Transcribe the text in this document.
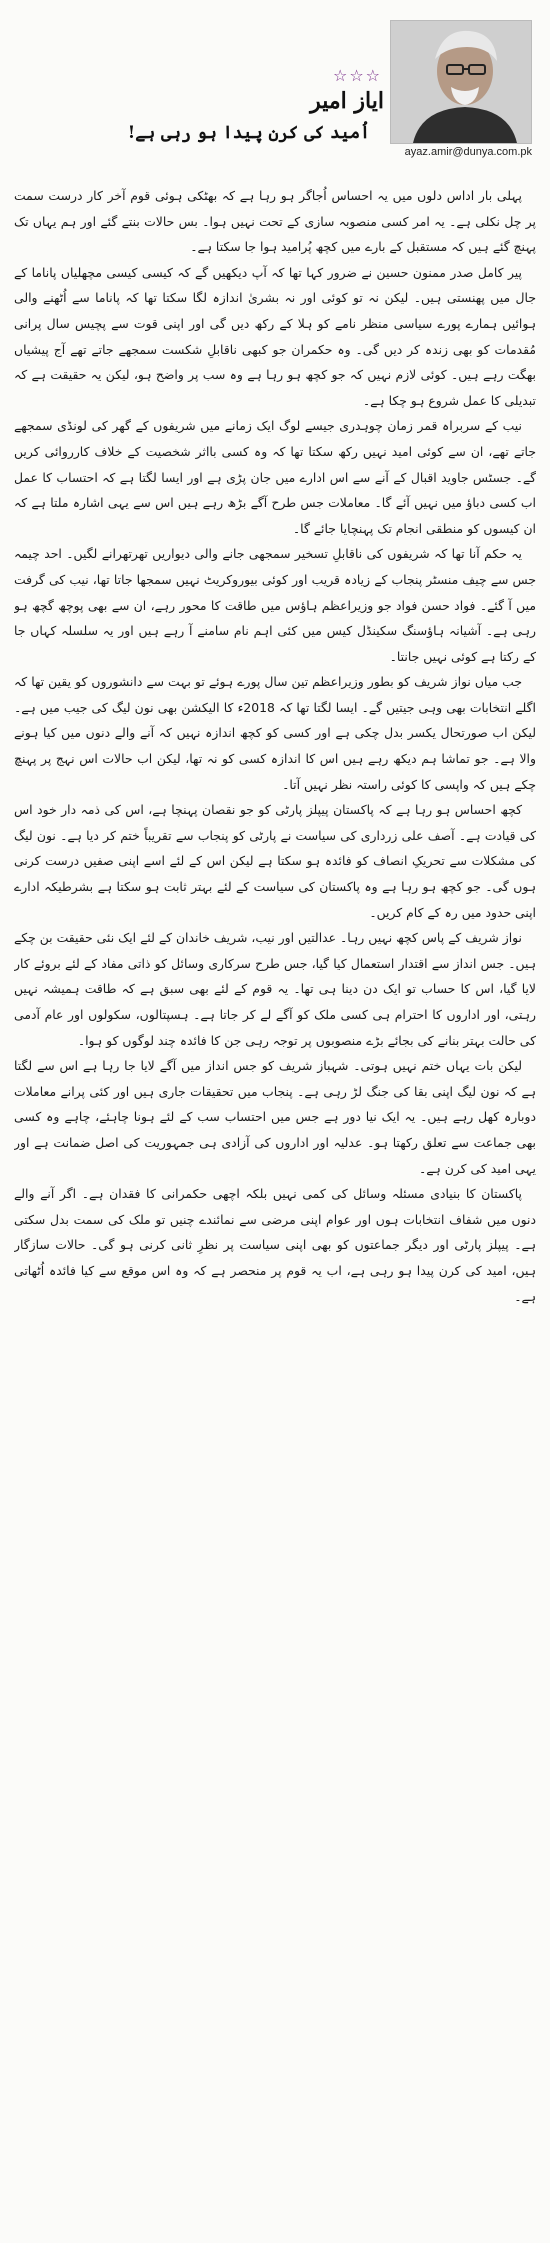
☆☆☆
ایاز امیر
اُمید کی کرن پیدا ہو رہی ہے!
ayaz.amir@dunya.com.pk

پہلی بار اداس دلوں میں یہ احساس اُجاگر ہو رہا ہے کہ بھٹکی ہوئی قوم آخر کار درست سمت پر چل نکلی ہے۔ یہ امر کسی منصوبہ سازی کے تحت نہیں ہوا۔ بس حالات بنتے گئے اور ہم یہاں تک پہنچ گئے ہیں کہ مستقبل کے بارے میں کچھ پُرامید ہوا جا سکتا ہے۔

پیر کامل صدر ممنون حسین نے ضرور کہا تھا کہ آپ دیکھیں گے کہ کیسی کیسی مچھلیاں پاناما کے جال میں پھنستی ہیں۔ لیکن نہ تو کوئی اور نہ بشریٰ اندازہ لگا سکتا تھا کہ پاناما سے اُٹھنے والی ہوائیں ہمارے پورے سیاسی منظر نامے کو ہلا کے رکھ دیں گی اور اپنی قوت سے پچیس سال پرانی مُقدمات کو بھی زندہ کر دیں گی۔ وہ حکمران جو کبھی ناقابلِ شکست سمجھے جاتے تھے آج پیشیاں بھگت رہے ہیں۔ کوئی لازم نہیں کہ جو کچھ ہو رہا ہے وہ سب پر واضح ہو، لیکن یہ حقیقت ہے کہ تبدیلی کا عمل شروع ہو چکا ہے۔

نیب کے سربراہ قمر زمان چوہدری جیسے لوگ ایک زمانے میں شریفوں کے گھر کی لونڈی سمجھے جاتے تھے، ان سے کوئی امید نہیں رکھ سکتا تھا کہ وہ کسی بااثر شخصیت کے خلاف کارروائی کریں گے۔ جسٹس جاوید اقبال کے آنے سے اس ادارے میں جان پڑی ہے اور ایسا لگتا ہے کہ احتساب کا عمل اب کسی دباؤ میں نہیں آئے گا۔ معاملات جس طرح آگے بڑھ رہے ہیں اس سے یہی اشارہ ملتا ہے کہ ان کیسوں کو منطقی انجام تک پہنچایا جائے گا۔

یہ حکم آنا تھا کہ شریفوں کی ناقابلِ تسخیر سمجھی جانے والی دیواریں تھرتھرانے لگیں۔ احد چیمہ جس سے چیف منسٹر پنجاب کے زیادہ قریب اور کوئی بیوروکریٹ نہیں سمجھا جاتا تھا، نیب کی گرفت میں آ گئے۔ فواد حسن فواد جو وزیراعظم ہاؤس میں طاقت کا محور رہے، ان سے بھی پوچھ گچھ ہو رہی ہے۔ آشیانہ ہاؤسنگ سکینڈل کیس میں کئی اہم نام سامنے آ رہے ہیں اور یہ سلسلہ کہاں جا کے رکتا ہے کوئی نہیں جانتا۔

جب میاں نواز شریف کو بطور وزیراعظم تین سال پورے ہوئے تو بہت سے دانشوروں کو یقین تھا کہ اگلے انتخابات بھی وہی جیتیں گے۔ ایسا لگتا تھا کہ 2018ء کا الیکشن بھی نون لیگ کی جیب میں ہے۔ لیکن اب صورتحال یکسر بدل چکی ہے اور کسی کو کچھ اندازہ نہیں کہ آنے والے دنوں میں کیا ہونے والا ہے۔ جو تماشا ہم دیکھ رہے ہیں اس کا اندازہ کسی کو نہ تھا، لیکن اب حالات اس نہج پر پہنچ چکے ہیں کہ واپسی کا کوئی راستہ نظر نہیں آتا۔

کچھ احساس ہو رہا ہے کہ پاکستان پیپلز پارٹی کو جو نقصان پہنچا ہے، اس کی ذمہ دار خود اس کی قیادت ہے۔ آصف علی زرداری کی سیاست نے پارٹی کو پنجاب سے تقریباً ختم کر دیا ہے۔ نون لیگ کی مشکلات سے تحریکِ انصاف کو فائدہ ہو سکتا ہے لیکن اس کے لئے اسے اپنی صفیں درست کرنی ہوں گی۔ جو کچھ ہو رہا ہے وہ پاکستان کی سیاست کے لئے بہتر ثابت ہو سکتا ہے بشرطیکہ ادارے اپنی حدود میں رہ کے کام کریں۔

نواز شریف کے پاس کچھ نہیں رہا۔ عدالتیں اور نیب، شریف خاندان کے لئے ایک نئی حقیقت بن چکے ہیں۔ جس انداز سے اقتدار استعمال کیا گیا، جس طرح سرکاری وسائل کو ذاتی مفاد کے لئے بروئے کار لایا گیا، اس کا حساب تو ایک دن دینا ہی تھا۔ یہ قوم کے لئے بھی سبق ہے کہ طاقت ہمیشہ نہیں رہتی، اور اداروں کا احترام ہی کسی ملک کو آگے لے کر جاتا ہے۔ ہسپتالوں، سکولوں اور عام آدمی کی حالت بہتر بنانے کی بجائے بڑے منصوبوں پر توجہ رہی جن کا فائدہ چند لوگوں کو ہوا۔

لیکن بات یہاں ختم نہیں ہوتی۔ شہباز شریف کو جس انداز میں آگے لایا جا رہا ہے اس سے لگتا ہے کہ نون لیگ اپنی بقا کی جنگ لڑ رہی ہے۔ پنجاب میں تحقیقات جاری ہیں اور کئی پرانے معاملات دوبارہ کھل رہے ہیں۔ یہ ایک نیا دور ہے جس میں احتساب سب کے لئے ہونا چاہئے، چاہے وہ کسی بھی جماعت سے تعلق رکھتا ہو۔ عدلیہ اور اداروں کی آزادی ہی جمہوریت کی اصل ضمانت ہے اور یہی امید کی کرن ہے۔

پاکستان کا بنیادی مسئلہ وسائل کی کمی نہیں بلکہ اچھی حکمرانی کا فقدان ہے۔ اگر آنے والے دنوں میں شفاف انتخابات ہوں اور عوام اپنی مرضی سے نمائندے چنیں تو ملک کی سمت بدل سکتی ہے۔ پیپلز پارٹی اور دیگر جماعتوں کو بھی اپنی سیاست پر نظرِ ثانی کرنی ہو گی۔ حالات سازگار ہیں، امید کی کرن پیدا ہو رہی ہے، اب یہ قوم پر منحصر ہے کہ وہ اس موقع سے کیا فائدہ اُٹھاتی ہے۔
